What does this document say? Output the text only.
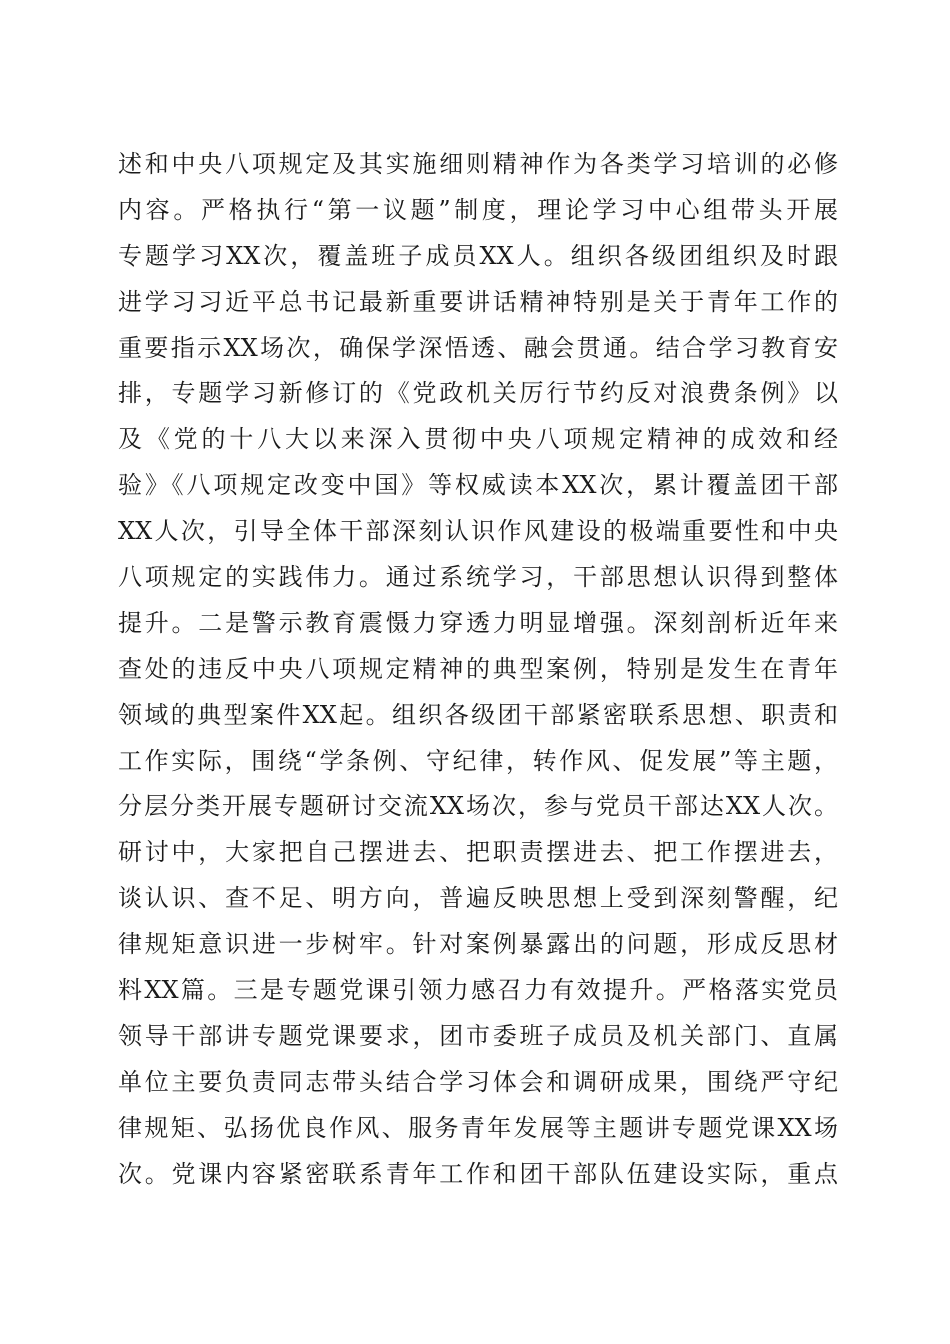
述和中央八项规定及其实施细则精神作为各类学习培训的必修
内容。严格执行“第一议题”制度，理论学习中心组带头开展
专题学习XX次，覆盖班子成员XX人。组织各级团组织及时跟
进学习习近平总书记最新重要讲话精神特别是关于青年工作的
重要指示XX场次，确保学深悟透、融会贯通。结合学习教育安
排，专题学习新修订的《党政机关厉行节约反对浪费条例》以
及《党的十八大以来深入贯彻中央八项规定精神的成效和经
验》《八项规定改变中国》等权威读本XX次，累计覆盖团干部
XX人次，引导全体干部深刻认识作风建设的极端重要性和中央
八项规定的实践伟力。通过系统学习，干部思想认识得到整体
提升。二是警示教育震慑力穿透力明显增强。深刻剖析近年来
查处的违反中央八项规定精神的典型案例，特别是发生在青年
领域的典型案件XX起。组织各级团干部紧密联系思想、职责和
工作实际，围绕“学条例、守纪律，转作风、促发展”等主题，
分层分类开展专题研讨交流XX场次，参与党员干部达XX人次。
研讨中，大家把自己摆进去、把职责摆进去、把工作摆进去，
谈认识、查不足、明方向，普遍反映思想上受到深刻警醒，纪
律规矩意识进一步树牢。针对案例暴露出的问题，形成反思材
料XX篇。三是专题党课引领力感召力有效提升。严格落实党员
领导干部讲专题党课要求，团市委班子成员及机关部门、直属
单位主要负责同志带头结合学习体会和调研成果，围绕严守纪
律规矩、弘扬优良作风、服务青年发展等主题讲专题党课XX场
次。党课内容紧密联系青年工作和团干部队伍建设实际，重点
